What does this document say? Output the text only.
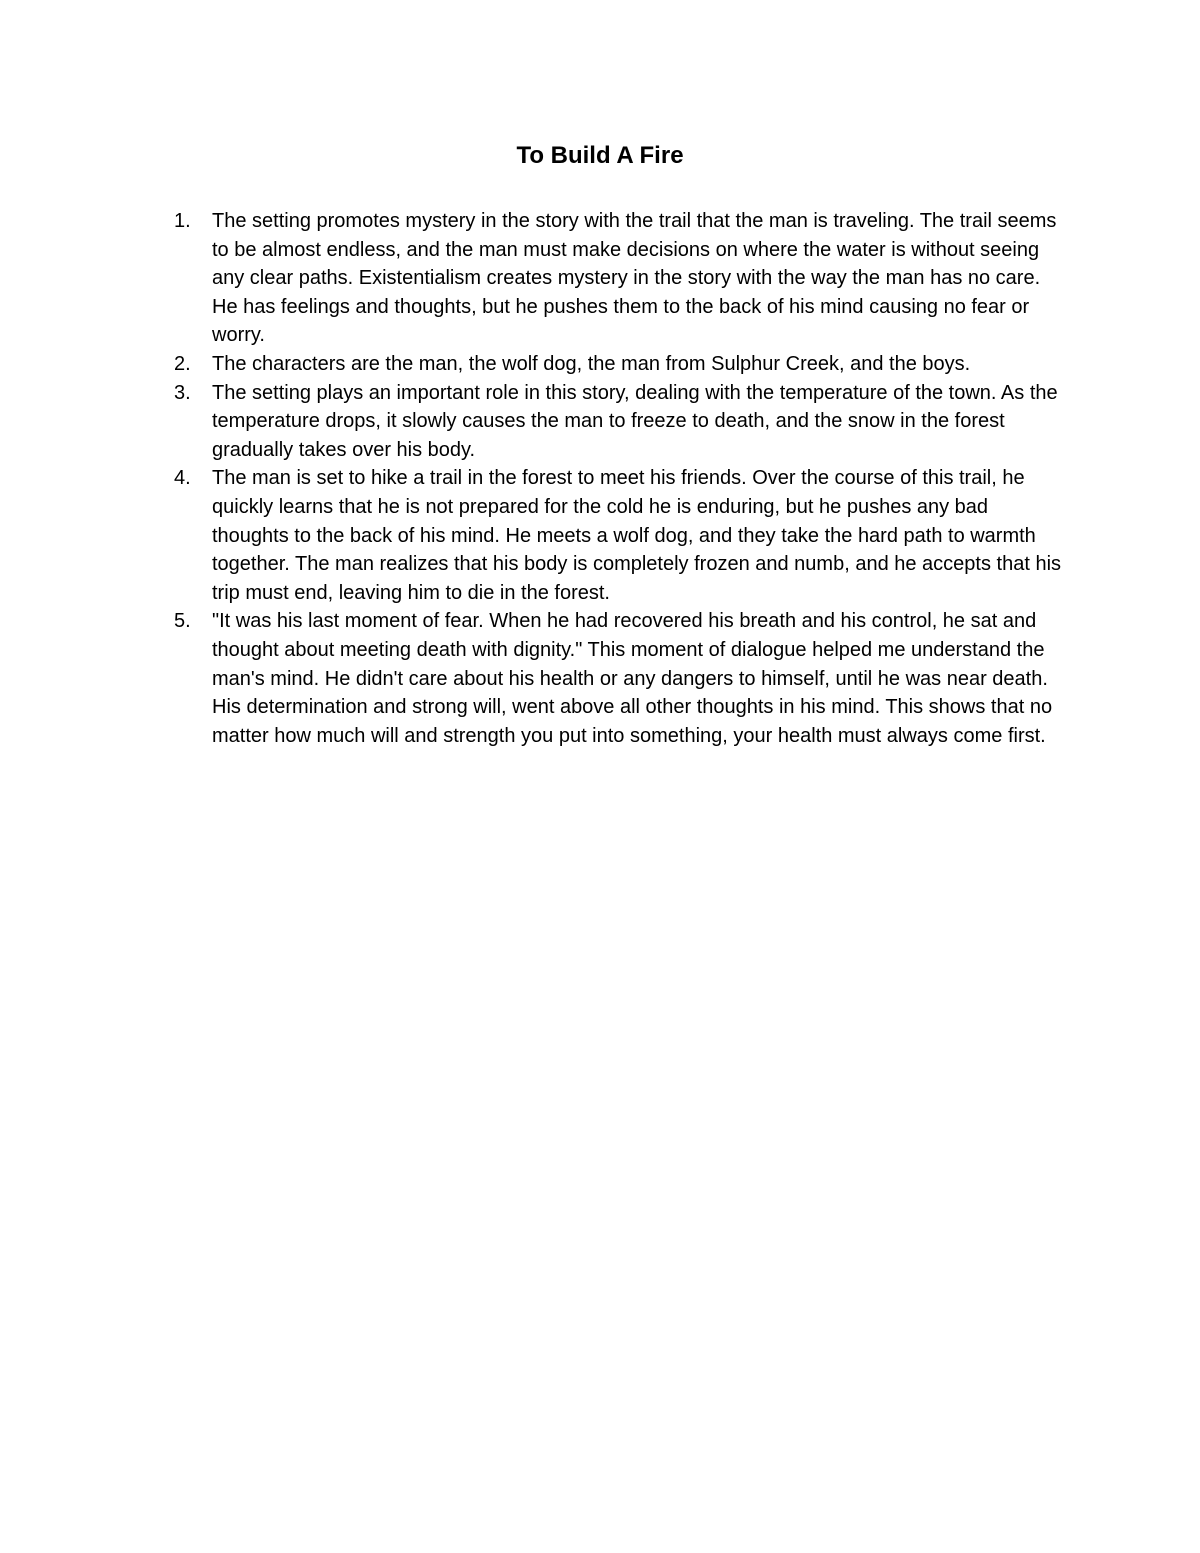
To Build A Fire
1. The setting promotes mystery in the story with the trail that the man is traveling. The trail seems to be almost endless, and the man must make decisions on where the water is without seeing any clear paths. Existentialism creates mystery in the story with the way the man has no care. He has feelings and thoughts, but he pushes them to the back of his mind causing no fear or worry.
2. The characters are the man, the wolf dog, the man from Sulphur Creek, and the boys.
3. The setting plays an important role in this story, dealing with the temperature of the town. As the temperature drops, it slowly causes the man to freeze to death, and the snow in the forest gradually takes over his body.
4. The man is set to hike a trail in the forest to meet his friends. Over the course of this trail, he quickly learns that he is not prepared for the cold he is enduring, but he pushes any bad thoughts to the back of his mind. He meets a wolf dog, and they take the hard path to warmth together. The man realizes that his body is completely frozen and numb, and he accepts that his trip must end, leaving him to die in the forest.
5. "It was his last moment of fear. When he had recovered his breath and his control, he sat and thought about meeting death with dignity." This moment of dialogue helped me understand the man's mind. He didn't care about his health or any dangers to himself, until he was near death. His determination and strong will, went above all other thoughts in his mind. This shows that no matter how much will and strength you put into something, your health must always come first.
